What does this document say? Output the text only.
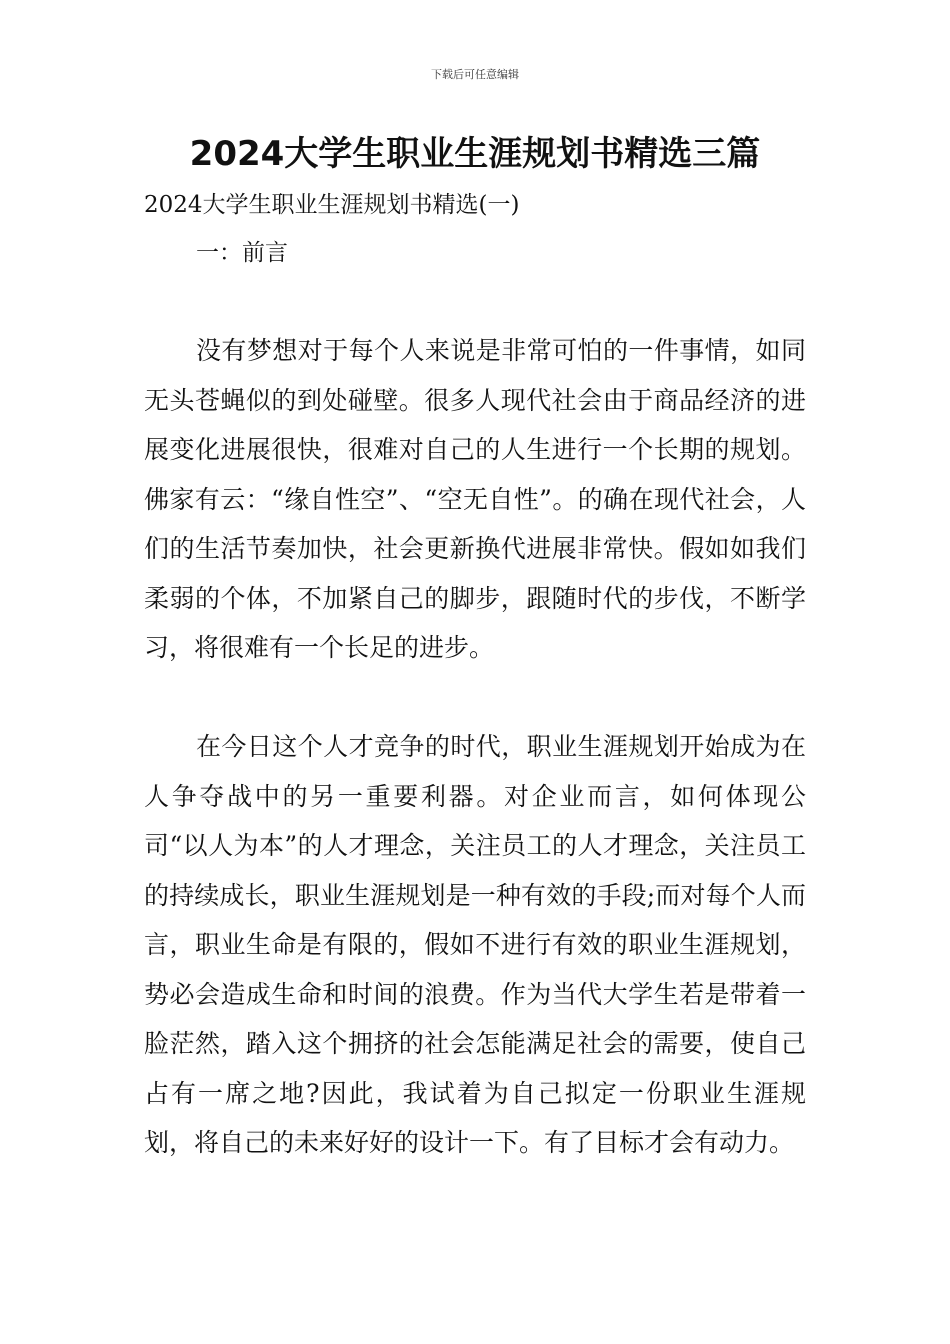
下载后可任意编辑
2024大学生职业生涯规划书精选三篇
2024大学生职业生涯规划书精选(一)
一：前言

没有梦想对于每个人来说是非常可怕的一件事情，如同无头苍蝇似的到处碰壁。很多人现代社会由于商品经济的进展变化进展很快，很难对自己的人生进行一个长期的规划。佛家有云：“缘自性空”、“空无自性”。的确在现代社会，人们的生活节奏加快，社会更新换代进展非常快。假如如我们柔弱的个体，不加紧自己的脚步，跟随时代的步伐，不断学习，将很难有一个长足的进步。

在今日这个人才竞争的时代，职业生涯规划开始成为在人争夺战中的另一重要利器。对企业而言，如何体现公司“以人为本”的人才理念，关注员工的人才理念，关注员工的持续成长，职业生涯规划是一种有效的手段;而对每个人而言，职业生命是有限的，假如不进行有效的职业生涯规划，势必会造成生命和时间的浪费。作为当代大学生若是带着一脸茫然，踏入这个拥挤的社会怎能满足社会的需要，使自己占有一席之地?因此，我试着为自己拟定一份职业生涯规划，将自己的未来好好的设计一下。有了目标才会有动力。
